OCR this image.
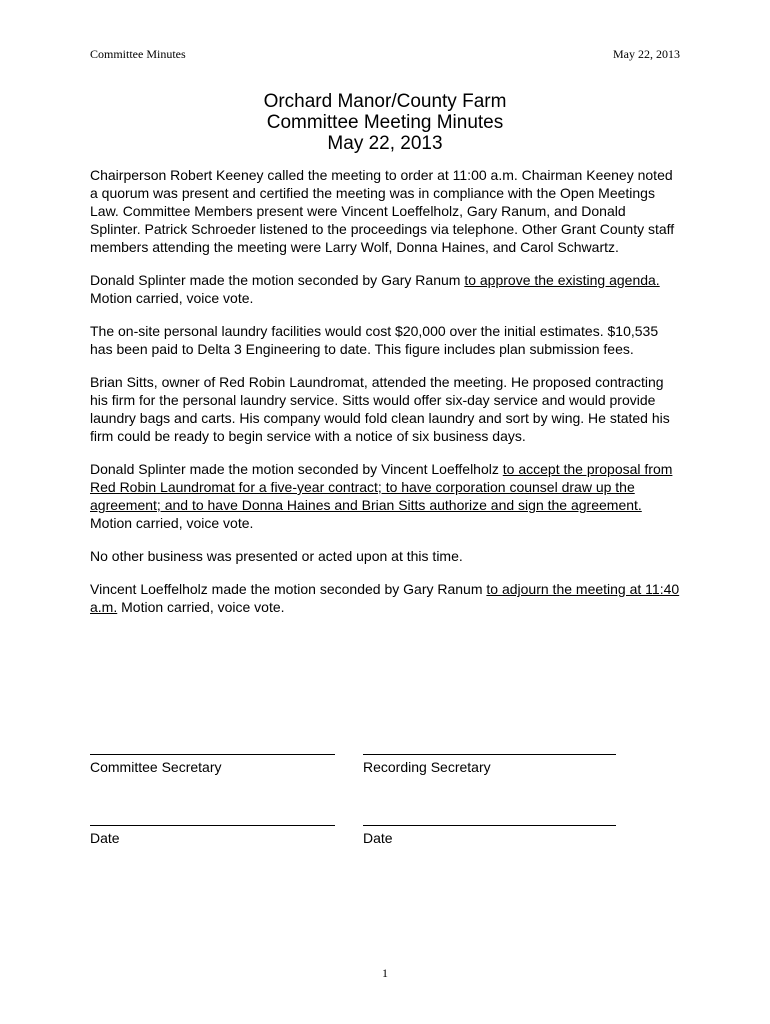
Committee Minutes	May 22, 2013
Orchard Manor/County Farm
Committee Meeting Minutes
May 22, 2013

Chairperson Robert Keeney called the meeting to order at 11:00 a.m. Chairman Keeney noted a quorum was present and certified the meeting was in compliance with the Open Meetings Law. Committee Members present were Vincent Loeffelholz, Gary Ranum, and Donald Splinter. Patrick Schroeder listened to the proceedings via telephone. Other Grant County staff members attending the meeting were Larry Wolf, Donna Haines, and Carol Schwartz.

Donald Splinter made the motion seconded by Gary Ranum to approve the existing agenda. Motion carried, voice vote.

The on-site personal laundry facilities would cost $20,000 over the initial estimates. $10,535 has been paid to Delta 3 Engineering to date. This figure includes plan submission fees.

Brian Sitts, owner of Red Robin Laundromat, attended the meeting. He proposed contracting his firm for the personal laundry service. Sitts would offer six-day service and would provide laundry bags and carts. His company would fold clean laundry and sort by wing. He stated his firm could be ready to begin service with a notice of six business days.

Donald Splinter made the motion seconded by Vincent Loeffelholz to accept the proposal from Red Robin Laundromat for a five-year contract; to have corporation counsel draw up the agreement; and to have Donna Haines and Brian Sitts authorize and sign the agreement. Motion carried, voice vote.

No other business was presented or acted upon at this time.

Vincent Loeffelholz made the motion seconded by Gary Ranum to adjourn the meeting at 11:40 a.m. Motion carried, voice vote.

Committee Secretary	Recording Secretary
Date	Date
1
